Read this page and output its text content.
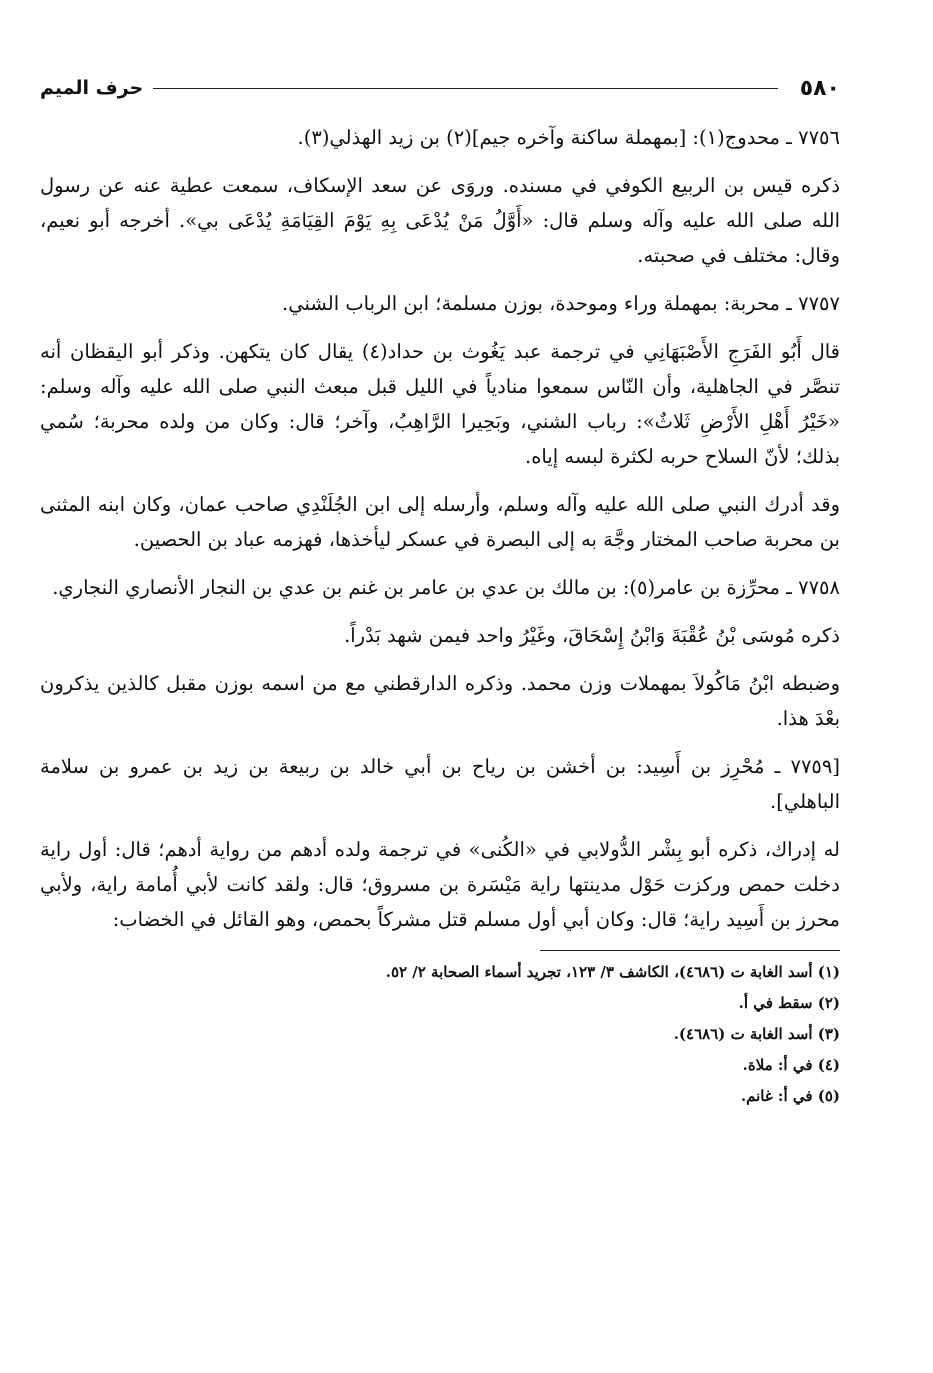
٥٨٠
حرف الميم

٧٧٥٦ ـ محدوج(١): [بمهملة ساكنة وآخره جيم](٢) بن زيد الهذلي(٣).

ذكره قيس بن الربيع الكوفي في مسنده. وروَى عن سعد الإسكاف، سمعت عطية عنه عن رسول الله صلى الله عليه وآله وسلم قال: «أَوَّلُ مَنْ يُدْعَى بِهِ يَوْمَ القِيَامَةِ يُدْعَى بي». أخرجه أبو نعيم، وقال: مختلف في صحبته.

٧٧٥٧ ـ محربة: بمهملة وراء وموحدة، بوزن مسلمة؛ ابن الرباب الشني.

قال أَبُو الفَرَجِ الأَصْبَهَانِي في ترجمة عبد يَغُوث بن حداد(٤) يقال كان يتكهن. وذكر أبو اليقظان أنه تنصَّر في الجاهلية، وأن النّاس سمعوا منادياً في الليل قبل مبعث النبي صلى الله عليه وآله وسلم: «خَيْرُ أَهْلِ الأَرْضِ ثَلاثٌ»: رباب الشني، وبَحِيرا الرَّاهِبُ، وآخر؛ قال: وكان من ولده محربة؛ سُمي بذلك؛ لأنّ السلاح حربه لكثرة لبسه إياه.

وقد أدرك النبي صلى الله عليه وآله وسلم، وأرسله إلى ابن الجُلَنْدِي صاحب عمان، وكان ابنه المثنى بن محربة صاحب المختار وجَّهَ به إلى البصرة في عسكر ليأخذها، فهزمه عباد بن الحصين.

٧٧٥٨ ـ محرِّزة بن عامر(٥): بن مالك بن عدي بن عامر بن غنم بن عدي بن النجار الأنصاري النجاري.

ذكره مُوسَى بْنُ عُقْبَةَ وَابْنُ إِسْحَاقَ، وغَيْرُ واحد فيمن شهد بَدْراً.

وضبطه ابْنُ مَاكُولاَ بمهملات وزن محمد. وذكره الدارقطني مع من اسمه بوزن مقبل كالذين يذكرون بعْدَ هذا.

[٧٧٥٩ ـ مُحْرِز بن أَسِيد: بن أخشن بن رياح بن أبي خالد بن ربيعة بن زيد بن عمرو بن سلامة الباهلي].

له إدراك، ذكره أبو بِشْر الدُّولابي في «الكُنى» في ترجمة ولده أدهم من رواية أدهم؛ قال: أول راية دخلت حمص وركزت حَوْل مدينتها راية مَيْسَرة بن مسروق؛ قال: ولقد كانت لأبي أُمامة راية، ولأبي محرز بن أَسِيد راية؛ قال: وكان أبي أول مسلم قتل مشركاً بحمص، وهو القائل في الخضاب:

(١) أسد الغابة ت (٤٦٨٦)، الكاشف ٣/ ١٢٣، تجريد أسماء الصحابة ٢/ ٥٢.
(٢) سقط في أ.
(٣) أسد الغابة ت (٤٦٨٦).
(٤) في أ: ملاة.
(٥) في أ: غانم.
